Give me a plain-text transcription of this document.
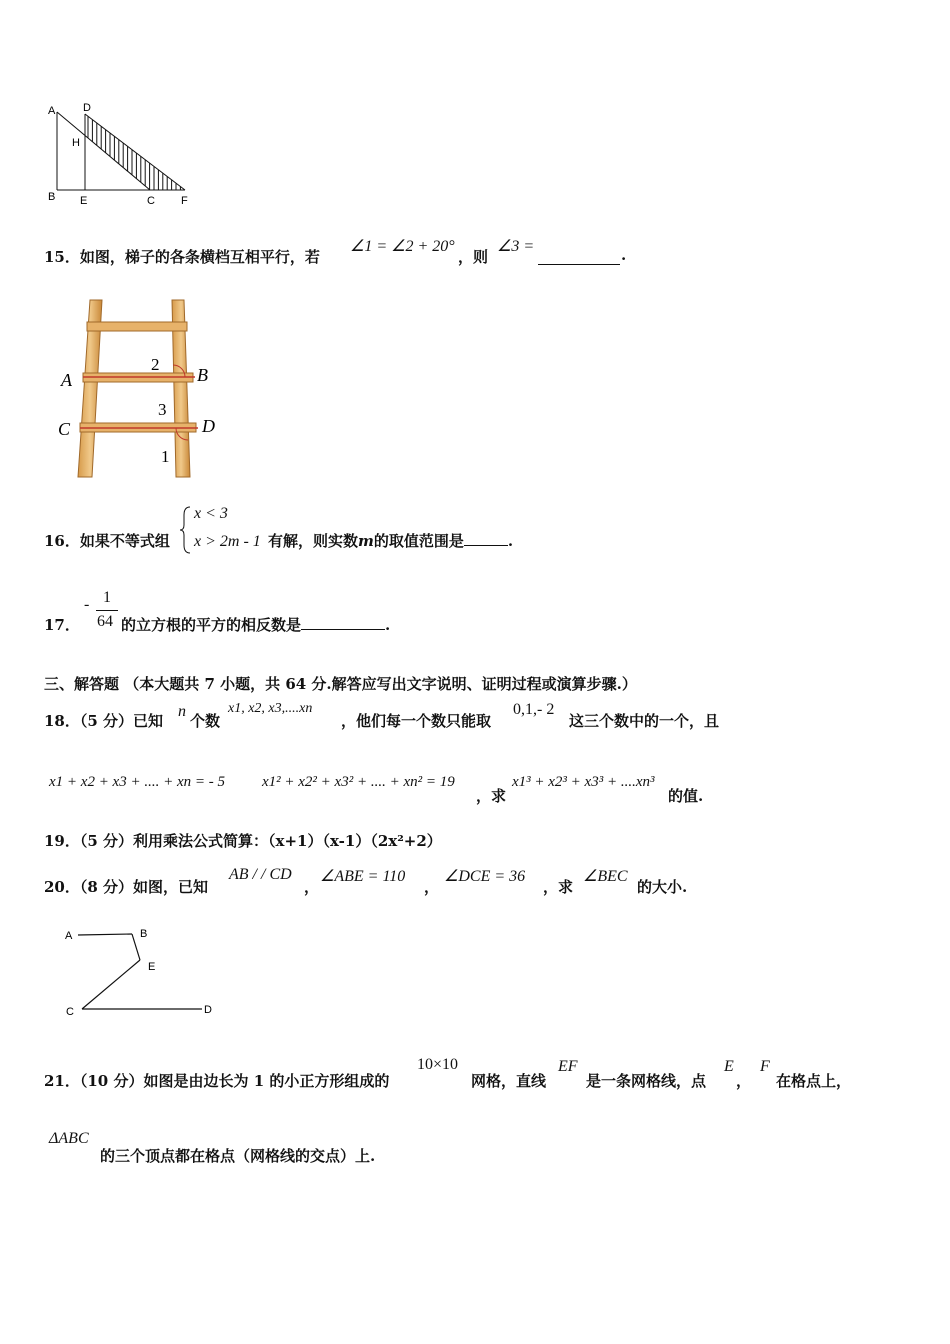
A	D
H
B E	C F
15．如图，梯子的各条横档互相平行，若
∠1 = ∠2 + 20°
，则
∠3 =	.
A	B
C	D
2
3
1
16．如果不等式组
x < 3
x > 2m - 1 有解，则实数m的取值范围是	.
17．
- 1
64 的立方根的平方的相反数是	.
三、解答题 （本大题共 7 小题，共 64 分.解答应写出文字说明、证明过程或演算步骤.）
18．（5 分）已知
n
个数
x1, x2, x3,....xn
，他们每一个数只能取
0,1,- 2
这三个数中的一个，且
x1 + x2 + x3 + .... + xn = - 5 x1² + x2² + x3² + .... + xn² = 19
，求
x1³ + x2³ + x3³ + ....xn³
的值.
19．（5 分）利用乘法公式简算：（x+1）（x-1）（2x²+2）
20．（8 分）如图，已知
AB / / CD
，
∠ABE = 110
，
∠DCE = 36
，求
∠BEC
的大小.
A	B
E
C	D
21．（10 分）如图是由边长为 1 的小正方形组成的
10×10
网格，直线
EF
是一条网格线，点
E
，
F
在格点上，
ΔABC
的三个顶点都在格点（网格线的交点）上.
